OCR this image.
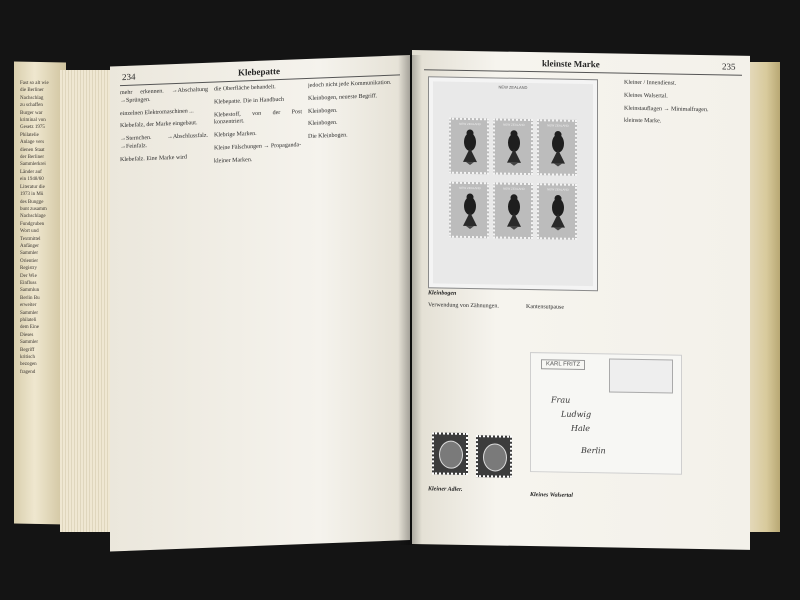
Fast so alt wie
die Berliner
Nachschlag
zu schaffen
Burger war
kriminal von
Gesetz 1975
Philatelie
Anlage vers
dienen Staat
der Berliner
Sammlerkrei
Länder auf
ein 1948/60
Literatur die
1973 in Mü
des Bungge
bunt zusamm
Nachschlage
Fundgruben
Wort und
Textmittel
Anfänger
Sammler
Orientier
Registry
Der Wie
Einfluss
Sammlun
Berlin Bu
erweiter
Sammler
philateli
dem Eine
Dieses
Sammler
Begriff
kritisch
bezogen
fragend
234	Klebepatte

mehr erkennen. →Abschaltung →Sprüngen.

einzelnen Elektromaschinen ...

Klebefalz, der Marke eingebaut.

→Sternchen. →Abschlussfalz. →Feinfalz.

Klebefalz. Eine Marke wird

die Oberfläche behandelt.

Klebepatte. Die in Handbuch

Klebestoff, von der Post konzentriert.

Klebrige Marken.

Kleine Fälschungen → Propaganda-

kleiner Marken.

jedoch nicht jede Kommunikation.

Kleinbogen, neueste Begriff.

Kleinbogen.

Kleinbogen.

Die Kleinbogen.

kleinste Marke	235
NEW ZEALAND
NEW ZEALAND	NEW ZEALAND	NEW ZEALAND
NEW ZEALAND	NEW ZEALAND	NEW ZEALAND
Kleinbogen

Verwendung von Zähnungen.	Kantensutpause

Kleiner Adler.
KARL FRITZ
Frau
Ludwig
Hale
Berlin
Kleines Walsertal

Kleiner / Innendienst.

Kleines Walsertal.

Kleinstauflagen → Minimalfragen.

kleinste Marke.
